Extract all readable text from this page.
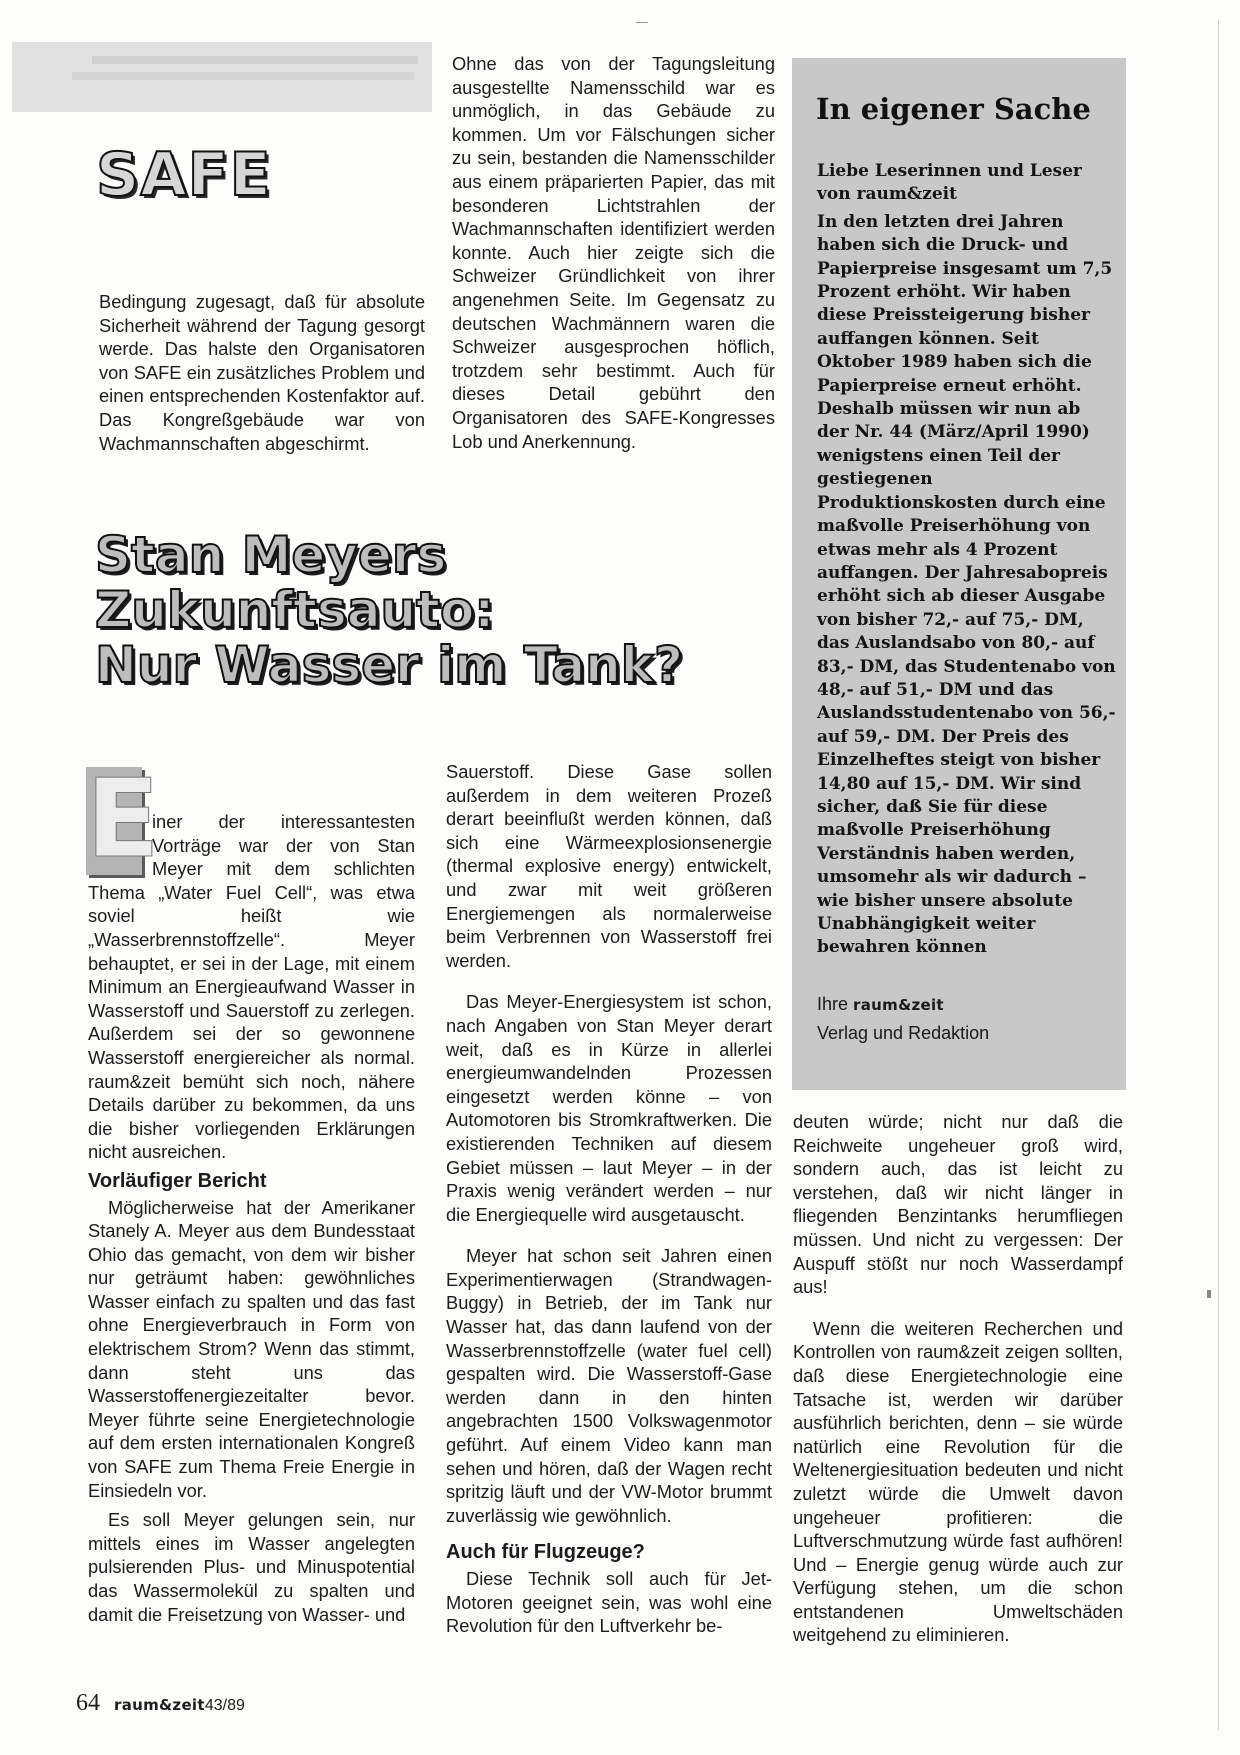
SAFE

Bedingung zugesagt, daß für absolute Sicherheit während der Tagung gesorgt werde. Das halste den Organisatoren von SAFE ein zusätzliches Problem und einen entsprechenden Kostenfaktor auf. Das Kongreßgebäude war von Wachmannschaften abgeschirmt.

Ohne das von der Tagungsleitung ausgestellte Namensschild war es unmöglich, in das Gebäude zu kommen. Um vor Fälschungen sicher zu sein, bestanden die Namensschilder aus einem präparierten Papier, das mit besonderen Lichtstrahlen der Wachmannschaften identifiziert werden konnte. Auch hier zeigte sich die Schweizer Gründlichkeit von ihrer angenehmen Seite. Im Gegensatz zu deutschen Wachmännern waren die Schweizer ausgesprochen höflich, trotzdem sehr bestimmt. Auch für dieses Detail gebührt den Organisatoren des SAFE-Kongresses Lob und Anerkennung.

Stan Meyers
Zukunftsauto:
Nur Wasser im Tank?
In eigener Sache

Liebe Leserinnen und Leser von raum&zeit

In den letzten drei Jahren haben sich die Druck- und Papierpreise insgesamt um 7,5 Prozent erhöht. Wir haben diese Preissteigerung bisher auffangen können. Seit Oktober 1989 haben sich die Papierpreise erneut erhöht. Deshalb müssen wir nun ab der Nr. 44 (März/April 1990) wenigstens einen Teil der gestiegenen Produktionskosten durch eine maßvolle Preiserhöhung von etwas mehr als 4 Prozent auffangen. Der Jahresabopreis erhöht sich ab dieser Ausgabe von bisher 72,- auf 75,- DM, das Auslandsabo von 80,- auf 83,- DM, das Studentenabo von 48,- auf 51,- DM und das Auslandsstudentenabo von 56,- auf 59,- DM. Der Preis des Einzelheftes steigt von bisher 14,80 auf 15,- DM. Wir sind sicher, daß Sie für diese maßvolle Preiserhöhung Verständnis haben werden, umsomehr als wir dadurch – wie bisher unsere absolute Unabhängigkeit weiter bewahren können

Ihre raum&zeit
Verlag und Redaktion
E

iner der interessantesten Vorträge war der von Stan Meyer mit dem schlichten Thema „Water Fuel Cell“, was etwa soviel heißt wie „Wasserbrennstoffzelle“. Meyer behauptet, er sei in der Lage, mit einem Minimum an Energieaufwand Wasser in Wasserstoff und Sauerstoff zu zerlegen. Außerdem sei der so gewonnene Wasserstoff energiereicher als normal. raum&zeit bemüht sich noch, nähere Details darüber zu bekommen, da uns die bisher vorliegenden Erklärungen nicht ausreichen.

Vorläufiger Bericht

Möglicherweise hat der Amerikaner Stanely A. Meyer aus dem Bundesstaat Ohio das gemacht, von dem wir bisher nur geträumt haben: gewöhnliches Wasser einfach zu spalten und das fast ohne Energieverbrauch in Form von elektrischem Strom? Wenn das stimmt, dann steht uns das Wasserstoffenergiezeitalter bevor. Meyer führte seine Energietechnologie auf dem ersten internationalen Kongreß von SAFE zum Thema Freie Energie in Einsiedeln vor.

Es soll Meyer gelungen sein, nur mittels eines im Wasser angelegten pulsierenden Plus- und Minuspotential das Wassermolekül zu spalten und damit die Freisetzung von Wasser- und

Sauerstoff. Diese Gase sollen außerdem in dem weiteren Prozeß derart beeinflußt werden können, daß sich eine Wärmeexplosionsenergie (thermal explosive energy) entwickelt, und zwar mit weit größeren Energiemengen als normalerweise beim Verbrennen von Wasserstoff frei werden.

Das Meyer-Energiesystem ist schon, nach Angaben von Stan Meyer derart weit, daß es in Kürze in allerlei energieumwandelnden Prozessen eingesetzt werden könne – von Automotoren bis Stromkraftwerken. Die existierenden Techniken auf diesem Gebiet müssen – laut Meyer – in der Praxis wenig verändert werden – nur die Energiequelle wird ausgetauscht.

Meyer hat schon seit Jahren einen Experimentierwagen (Strandwagen-Buggy) in Betrieb, der im Tank nur Wasser hat, das dann laufend von der Wasserbrennstoffzelle (water fuel cell) gespalten wird. Die Wasserstoff-Gase werden dann in den hinten angebrachten 1500 Volkswagenmotor geführt. Auf einem Video kann man sehen und hören, daß der Wagen recht spritzig läuft und der VW-Motor brummt zuverlässig wie gewöhnlich.

Auch für Flugzeuge?

Diese Technik soll auch für Jet-Motoren geeignet sein, was wohl eine Revolution für den Luftverkehr be-

deuten würde; nicht nur daß die Reichweite ungeheuer groß wird, sondern auch, das ist leicht zu verstehen, daß wir nicht länger in fliegenden Benzintanks herumfliegen müssen. Und nicht zu vergessen: Der Auspuff stößt nur noch Wasserdampf aus!

Wenn die weiteren Recherchen und Kontrollen von raum&zeit zeigen sollten, daß diese Energietechnologie eine Tatsache ist, werden wir darüber ausführlich berichten, denn – sie würde natürlich eine Revolution für die Weltenergiesituation bedeuten und nicht zuletzt würde die Umwelt davon ungeheuer profitieren: die Luftverschmutzung würde fast aufhören! Und – Energie genug würde auch zur Verfügung stehen, um die schon entstandenen Umweltschäden weitgehend zu eliminieren.

64 raum&zeit43/89
